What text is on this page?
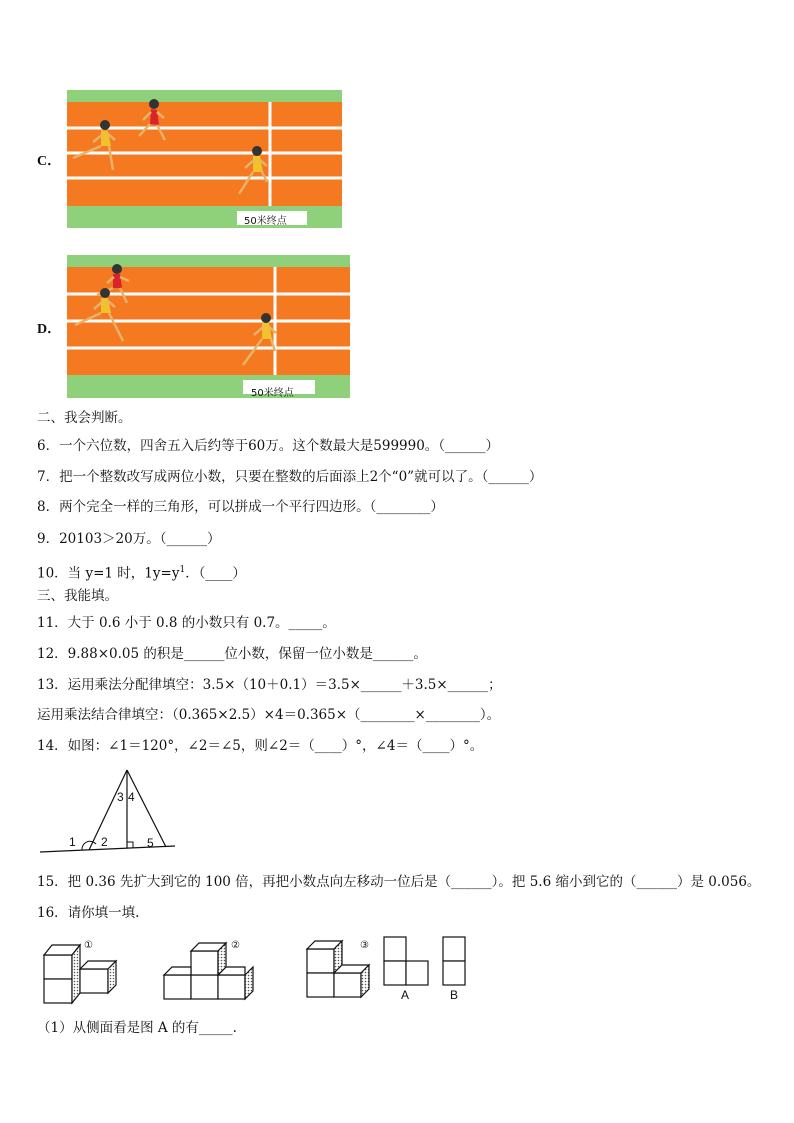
C．
50米终点
D．
50米终点
二、我会判断。
6．一个六位数，四舍五入后约等于60万。这个数最大是599990。（______）
7．把一个整数改写成两位小数，只要在整数的后面添上2个“0”就可以了。（______）
8．两个完全一样的三角形，可以拼成一个平行四边形。（________）
9．20103＞20万。（______）
10．当 y=1 时，$1y=y^1$．（____）
三、我能填。
11．大于 0.6 小于 0.8 的小数只有 0.7。_____。
12．9.88×0.05 的积是______位小数，保留一位小数是______。
13．运用乘法分配律填空：3.5×（10＋0.1）＝3.5×______＋3.5×______；
运用乘法结合律填空：（0.365×2.5）×4＝0.365×（________×________）。
14．如图：∠1＝120°，∠2＝∠5，则∠2＝（____）°，∠4＝（____）°。
1 2
3 4
5
15．把 0.36 先扩大到它的 100 倍，再把小数点向左移动一位后是（______）。把 5.6 缩小到它的（______）是 0.056。
16．请你填一填.
①	②	③
A	B
（1）从侧面看是图 A 的有_____.
